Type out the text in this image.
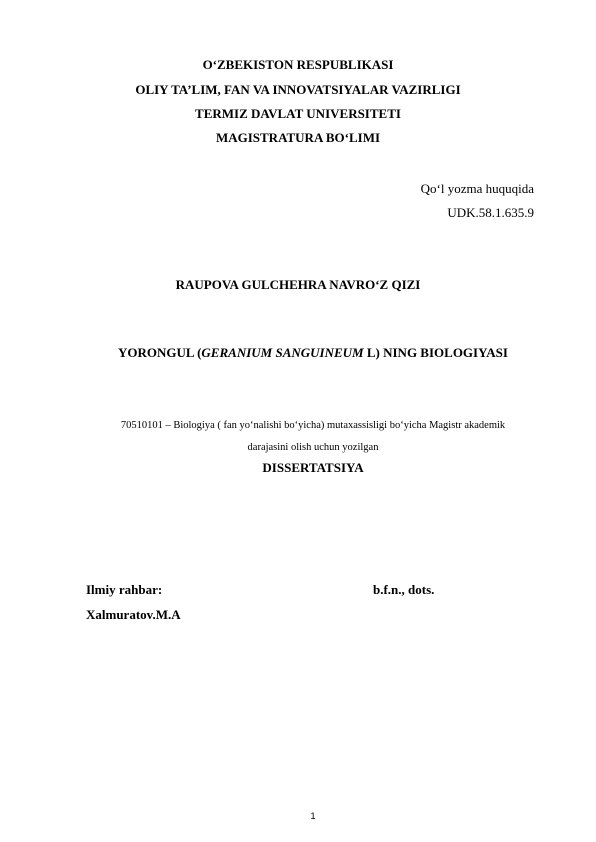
O‘ZBEKISTON RESPUBLIKASI
OLIY TA’LIM, FAN VA INNOVATSIYALAR VAZIRLIGI
TERMIZ DAVLAT UNIVERSITETI
MAGISTRATURA BO‘LIMI
Qo‘l yozma huquqida
UDK.58.1.635.9
RAUPOVA GULCHEHRA NAVRO‘Z QIZI
YORONGUL (GERANIUM SANGUINEUM L) NING BIOLOGIYASI
70510101 – Biologiya ( fan yo‘nalishi bo‘yicha) mutaxassisligi bo‘yicha Magistr akademik
darajasini olish uchun yozilgan
DISSERTATSIYA
Ilmiy rahbar:	b.f.n., dots.
Xalmuratov.M.A
1
